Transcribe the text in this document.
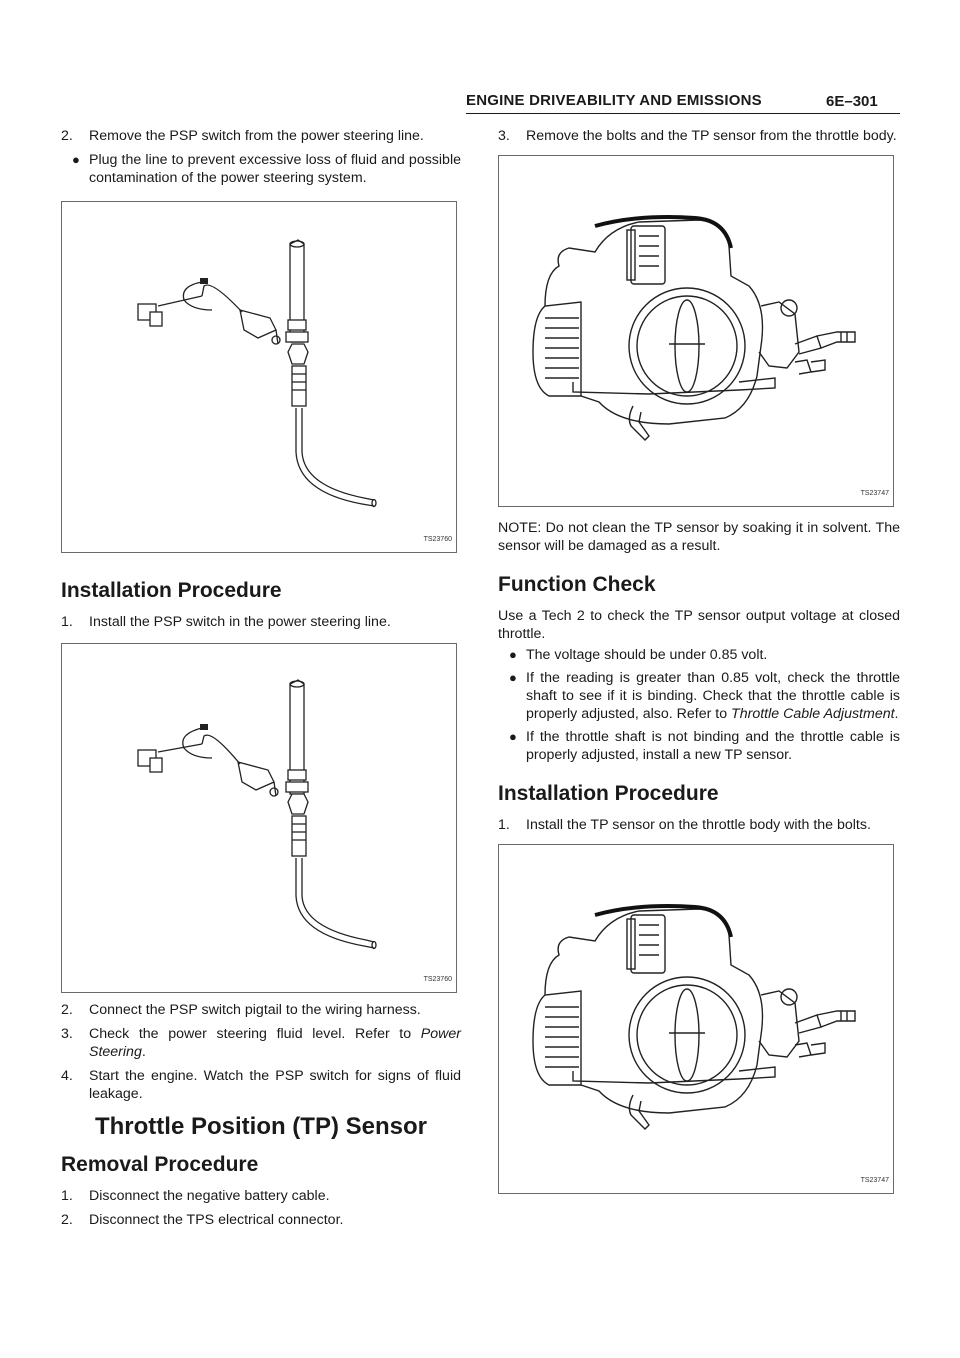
ENGINE DRIVEABILITY AND EMISSIONS	6E–301
2. Remove the PSP switch from the power steering line.
● Plug the line to prevent excessive loss of fluid and possible contamination of the power steering system.
TS23760
Installation Procedure
1. Install the PSP switch in the power steering line.
TS23760
2. Connect the PSP switch pigtail to the wiring harness.
3. Check the power steering fluid level. Refer to Power Steering.
4. Start the engine. Watch the PSP switch for signs of fluid leakage.
Throttle Position (TP) Sensor
Removal Procedure
1. Disconnect the negative battery cable.
2. Disconnect the TPS electrical connector.
3. Remove the bolts and the TP sensor from the throttle body.
TS23747

NOTE: Do not clean the TP sensor by soaking it in solvent. The sensor will be damaged as a result.

Function Check

Use a Tech 2 to check the TP sensor output voltage at closed throttle.

● The voltage should be under 0.85 volt.
● If the reading is greater than 0.85 volt, check the throttle shaft to see if it is binding. Check that the throttle cable is properly adjusted, also. Refer to Throttle Cable Adjustment.
● If the throttle shaft is not binding and the throttle cable is properly adjusted, install a new TP sensor.
Installation Procedure
1. Install the TP sensor on the throttle body with the bolts.
TS23747
